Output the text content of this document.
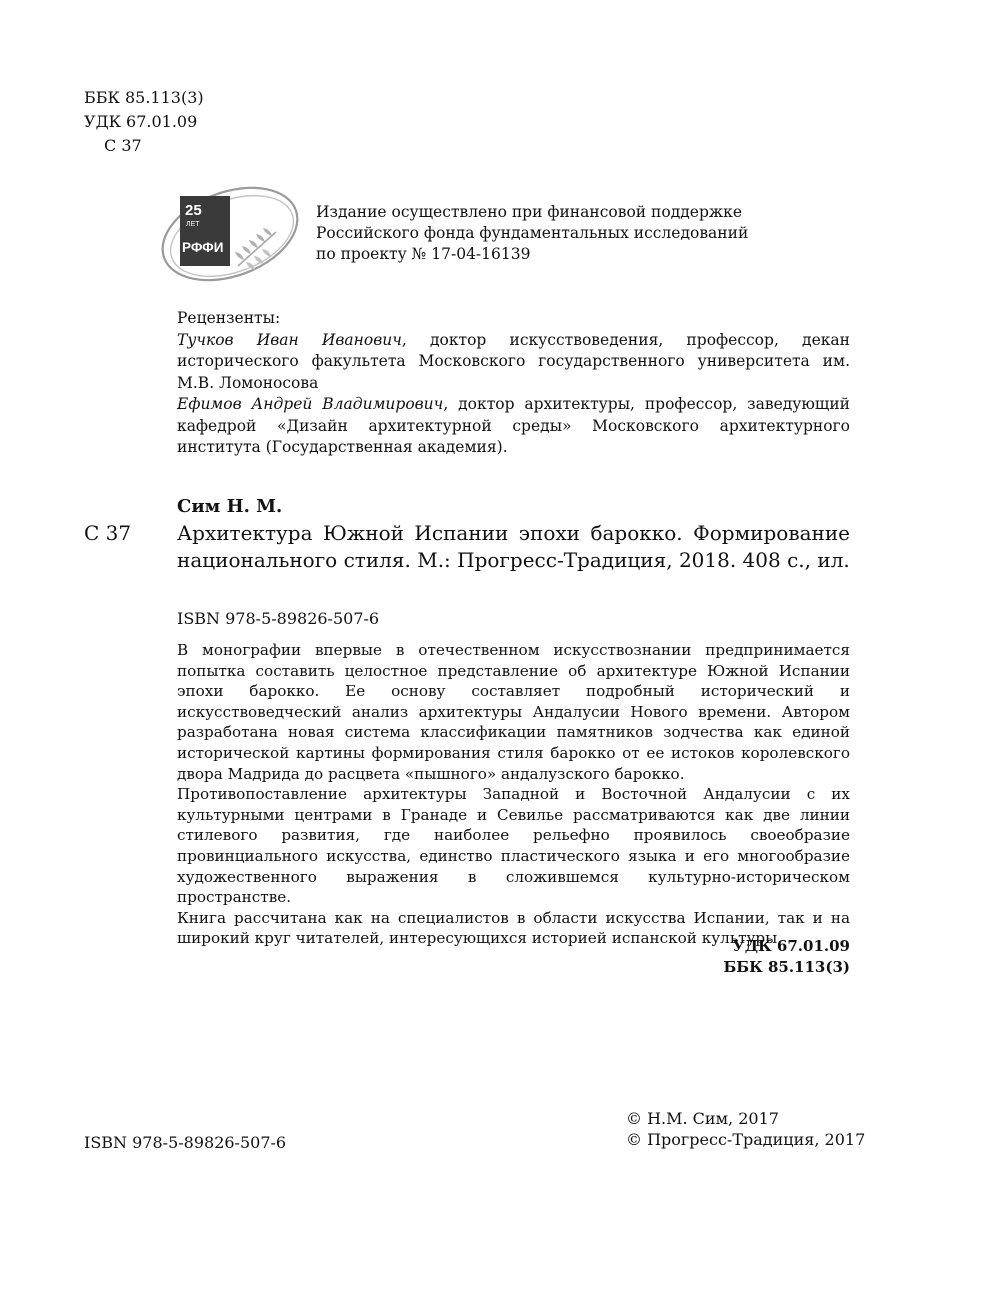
ББК 85.113(3)
УДК 67.01.09
С 37
25
ЛЕТ
РФФИ
Издание осуществлено при финансовой поддержке
Российского фонда фундаментальных исследований
по проекту № 17-04-16139
Рецензенты:
Тучков Иван Иванович, доктор искусствоведения, профессор, декан исторического факультета Московского государственного университета им. М.В. Ломоносова
Ефимов Андрей Владимирович, доктор архитектуры, профессор, заведующий кафедрой «Дизайн архитектурной среды» Московского архитектурного института (Государственная академия).
Сим Н. М.
С 37 Архитектура Южной Испании эпохи барокко. Формирование национального стиля. М.: Прогресс-Традиция, 2018. 408 с., ил.
ISBN 978-5-89826-507-6
В монографии впервые в отечественном искусствознании предпринимается попытка составить целостное представление об архитектуре Южной Испании эпохи барокко. Ее основу составляет подробный исторический и искусствоведческий анализ архитектуры Андалусии Нового времени. Автором разработана новая система классификации памятников зодчества как единой исторической картины формирования стиля барокко от ее истоков королевского двора Мадрида до расцвета «пышного» андалузского барокко.
Противопоставление архитектуры Западной и Восточной Андалусии с их культурными центрами в Гранаде и Севилье рассматриваются как две линии стилевого развития, где наиболее рельефно проявилось своеобразие провинциального искусства, единство пластического языка и его многообразие художественного выражения в сложившемся культурно-историческом пространстве.
Книга рассчитана как на специалистов в области искусства Испании, так и на широкий круг читателей, интересующихся историей испанской культуры.
УДК 67.01.09
ББК 85.113(3)
ISBN 978-5-89826-507-6
© Н.М. Сим, 2017
© Прогресс-Традиция, 2017
